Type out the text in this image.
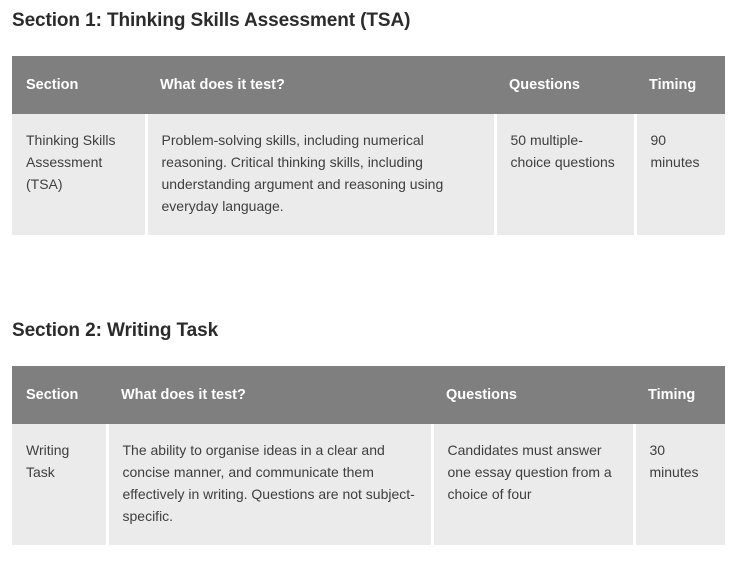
Section 1: Thinking Skills Assessment (TSA)
Section	What does it test?	Questions	Timing
Thinking Skills Assessment (TSA)	Problem-solving skills, including numerical reasoning. Critical thinking skills, including understanding argument and reasoning using everyday language.	50 multiple-choice questions	90 minutes
Section 2: Writing Task
Section	What does it test?	Questions	Timing
Writing Task	The ability to organise ideas in a clear and concise manner, and communicate them effectively in writing. Questions are not subject-specific.	Candidates must answer one essay question from a choice of four	30 minutes
